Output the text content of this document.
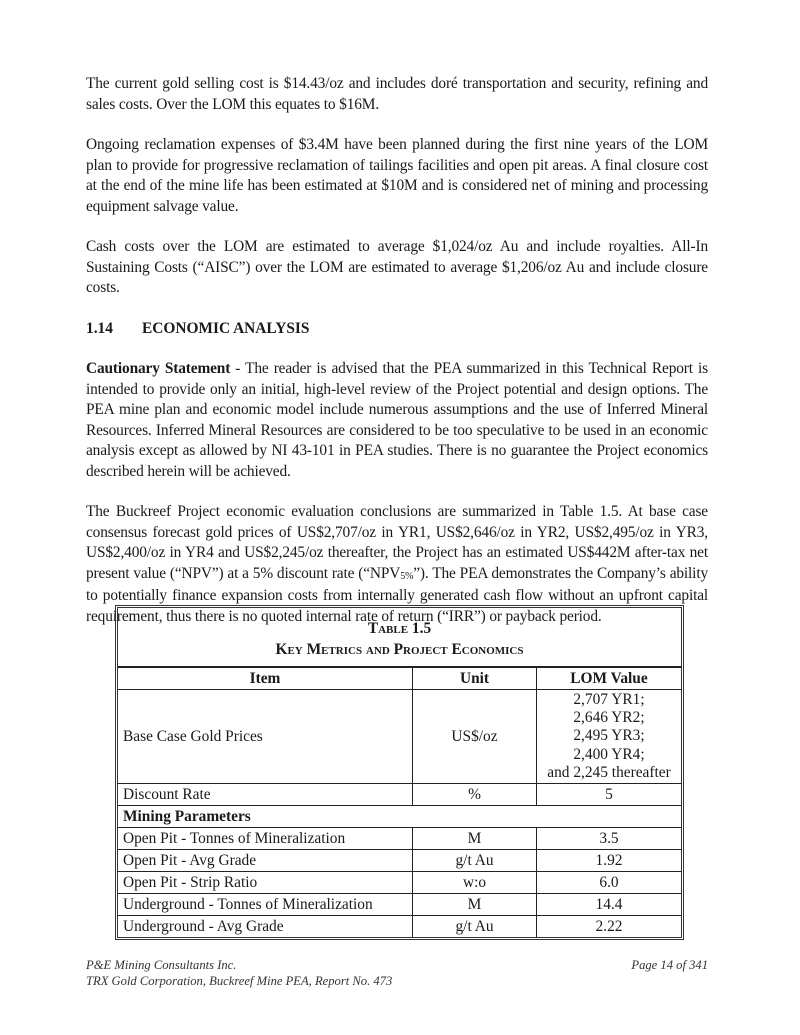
The current gold selling cost is $14.43/oz and includes doré transportation and security, refining and sales costs. Over the LOM this equates to $16M.

Ongoing reclamation expenses of $3.4M have been planned during the first nine years of the LOM plan to provide for progressive reclamation of tailings facilities and open pit areas. A final closure cost at the end of the mine life has been estimated at $10M and is considered net of mining and processing equipment salvage value.

Cash costs over the LOM are estimated to average $1,024/oz Au and include royalties. All-In Sustaining Costs (“AISC”) over the LOM are estimated to average $1,206/oz Au and include closure costs.

1.14 ECONOMIC ANALYSIS

Cautionary Statement - The reader is advised that the PEA summarized in this Technical Report is intended to provide only an initial, high-level review of the Project potential and design options. The PEA mine plan and economic model include numerous assumptions and the use of Inferred Mineral Resources. Inferred Mineral Resources are considered to be too speculative to be used in an economic analysis except as allowed by NI 43-101 in PEA studies. There is no guarantee the Project economics described herein will be achieved.

The Buckreef Project economic evaluation conclusions are summarized in Table 1.5. At base case consensus forecast gold prices of US$2,707/oz in YR1, US$2,646/oz in YR2, US$2,495/oz in YR3, US$2,400/oz in YR4 and US$2,245/oz thereafter, the Project has an estimated US$442M after-tax net present value (“NPV”) at a 5% discount rate $(“NPV_{5\%}”)$. The PEA demonstrates the Company’s ability to potentially finance expansion costs from internally generated cash flow without an upfront capital requirement, thus there is no quoted internal rate of return (“IRR”) or payback period.

Table 1.5
Key Metrics and Project Economics
Item	Unit	LOM Value
Base Case Gold Prices	US$/oz	2,707 YR1;
2,646 YR2;
2,495 YR3;
2,400 YR4;
and 2,245 thereafter

Discount Rate	%	5
Mining Parameters		
Open Pit - Tonnes of Mineralization	M	3.5
Open Pit - Avg Grade	g/t Au	1.92
Open Pit - Strip Ratio	w:o	6.0
Underground - Tonnes of Mineralization	M	14.4
Underground - Avg Grade	g/t Au	2.22
P&E Mining Consultants Inc.
TRX Gold Corporation, Buckreef Mine PEA, Report No. 473
Page 14 of 341
